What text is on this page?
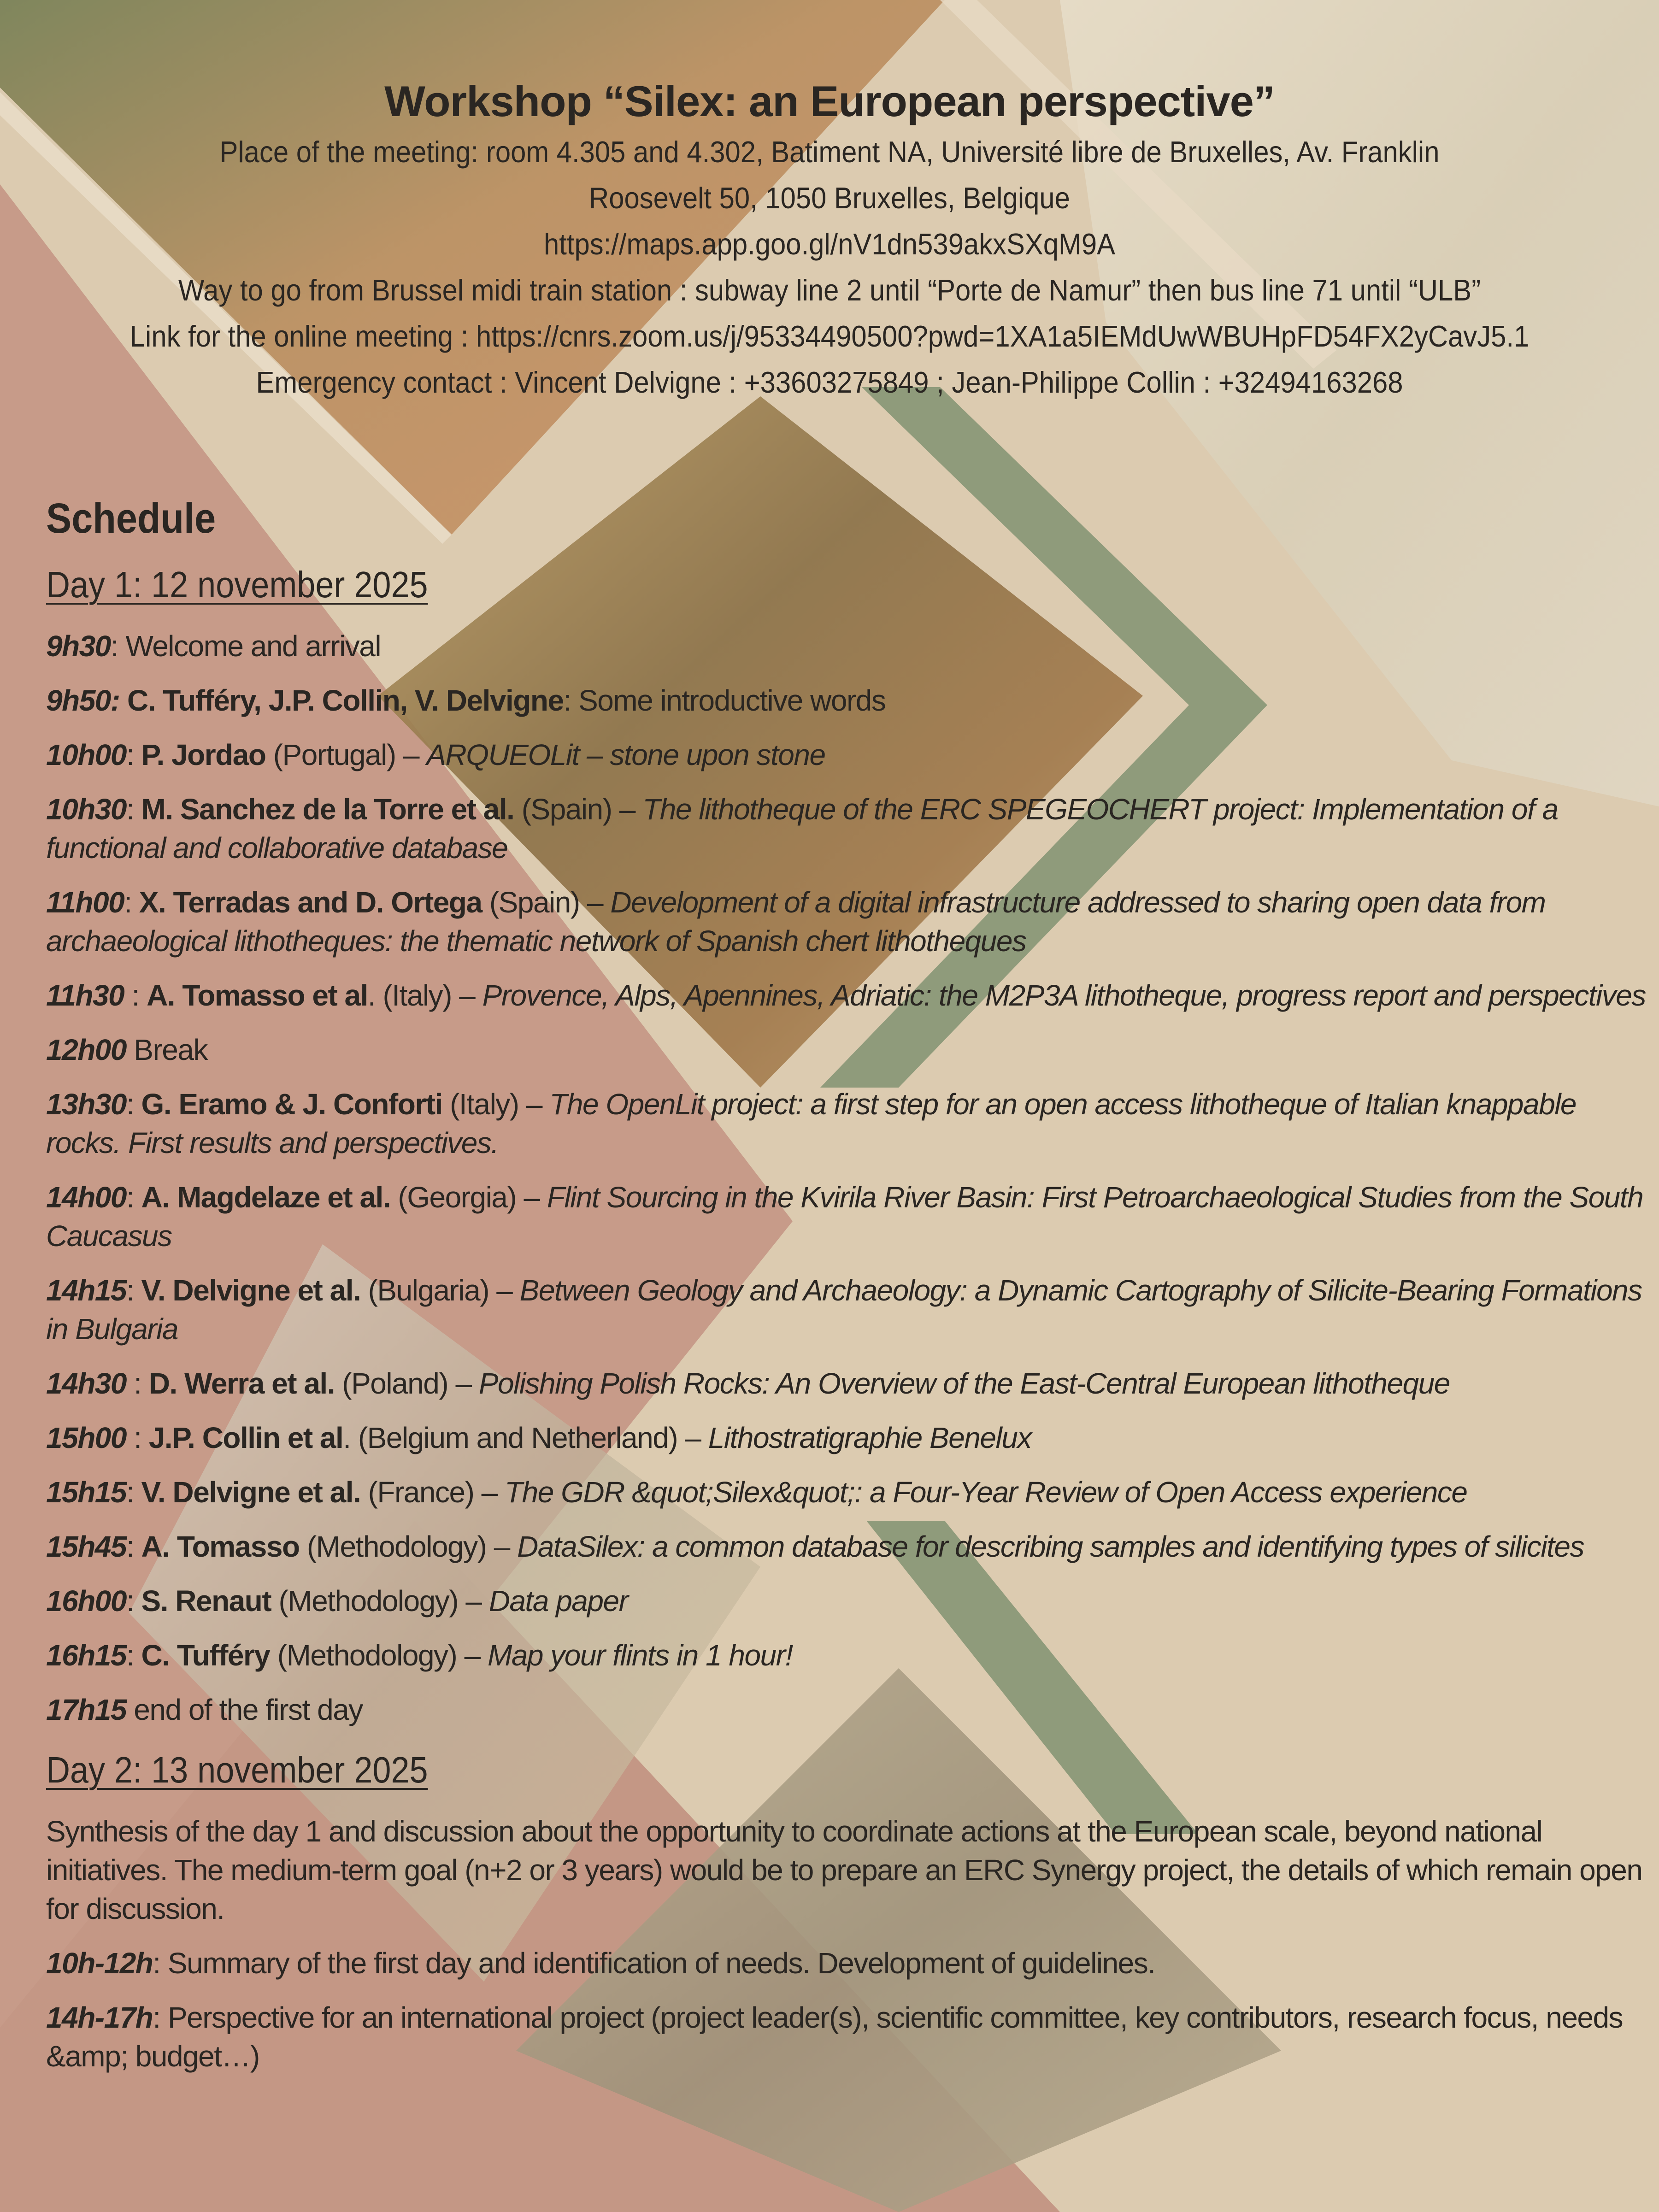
Workshop “Silex: an European perspective”
Place of the meeting: room 4.305 and 4.302, Batiment NA, Université libre de Bruxelles, Av. Franklin
Roosevelt 50, 1050 Bruxelles, Belgique
https://maps.app.goo.gl/nV1dn539akxSXqM9A
Way to go from Brussel midi train station : subway line 2 until “Porte de Namur” then bus line 71 until “ULB”
Link for the online meeting : https://cnrs.zoom.us/j/95334490500?pwd=1XA1a5IEMdUwWBUHpFD54FX2yCavJ5.1
Emergency contact : Vincent Delvigne : +33603275849 ; Jean-Philippe Collin : +32494163268
Schedule
Day 1: 12 november 2025
9h30: Welcome and arrival
9h50: C. Tufféry, J.P. Collin, V. Delvigne: Some introductive words
10h00: P. Jordao (Portugal) – ARQUEOLit – stone upon stone
10h30: M. Sanchez de la Torre et al. (Spain) – The lithotheque of the ERC SPEGEOCHERT project: Implementation of a functional and collaborative database
11h00: X. Terradas and D. Ortega (Spain) – Development of a digital infrastructure addressed to sharing open data from archaeological lithotheques: the thematic network of Spanish chert lithotheques
11h30 : A. Tomasso et al. (Italy) – Provence, Alps, Apennines, Adriatic: the M2P3A lithotheque, progress report and perspectives
12h00 Break
13h30: G. Eramo & J. Conforti (Italy) – The OpenLit project: a first step for an open access lithotheque of Italian knappable rocks. First results and perspectives.
14h00: A. Magdelaze et al. (Georgia) – Flint Sourcing in the Kvirila River Basin: First Petroarchaeological Studies from the South Caucasus
14h15: V. Delvigne et al. (Bulgaria) – Between Geology and Archaeology: a Dynamic Cartography of Silicite-Bearing Formations in Bulgaria
14h30 : D. Werra et al. (Poland) – Polishing Polish Rocks: An Overview of the East-Central European lithotheque
15h00 : J.P. Collin et al. (Belgium and Netherland) – Lithostratigraphie Benelux
15h15: V. Delvigne et al. (France) – The GDR &quot;Silex&quot;: a Four-Year Review of Open Access experience
15h45: A. Tomasso (Methodology) – DataSilex: a common database for describing samples and identifying types of silicites
16h00: S. Renaut (Methodology) – Data paper
16h15: C. Tufféry (Methodology) – Map your flints in 1 hour!
17h15 end of the first day
Day 2: 13 november 2025
Synthesis of the day 1 and discussion about the opportunity to coordinate actions at the European scale, beyond national initiatives. The medium-term goal (n+2 or 3 years) would be to prepare an ERC Synergy project, the details of which remain open for discussion.
10h-12h: Summary of the first day and identification of needs. Development of guidelines.
14h-17h: Perspective for an international project (project leader(s), scientific committee, key contributors, research focus, needs &amp; budget…)
